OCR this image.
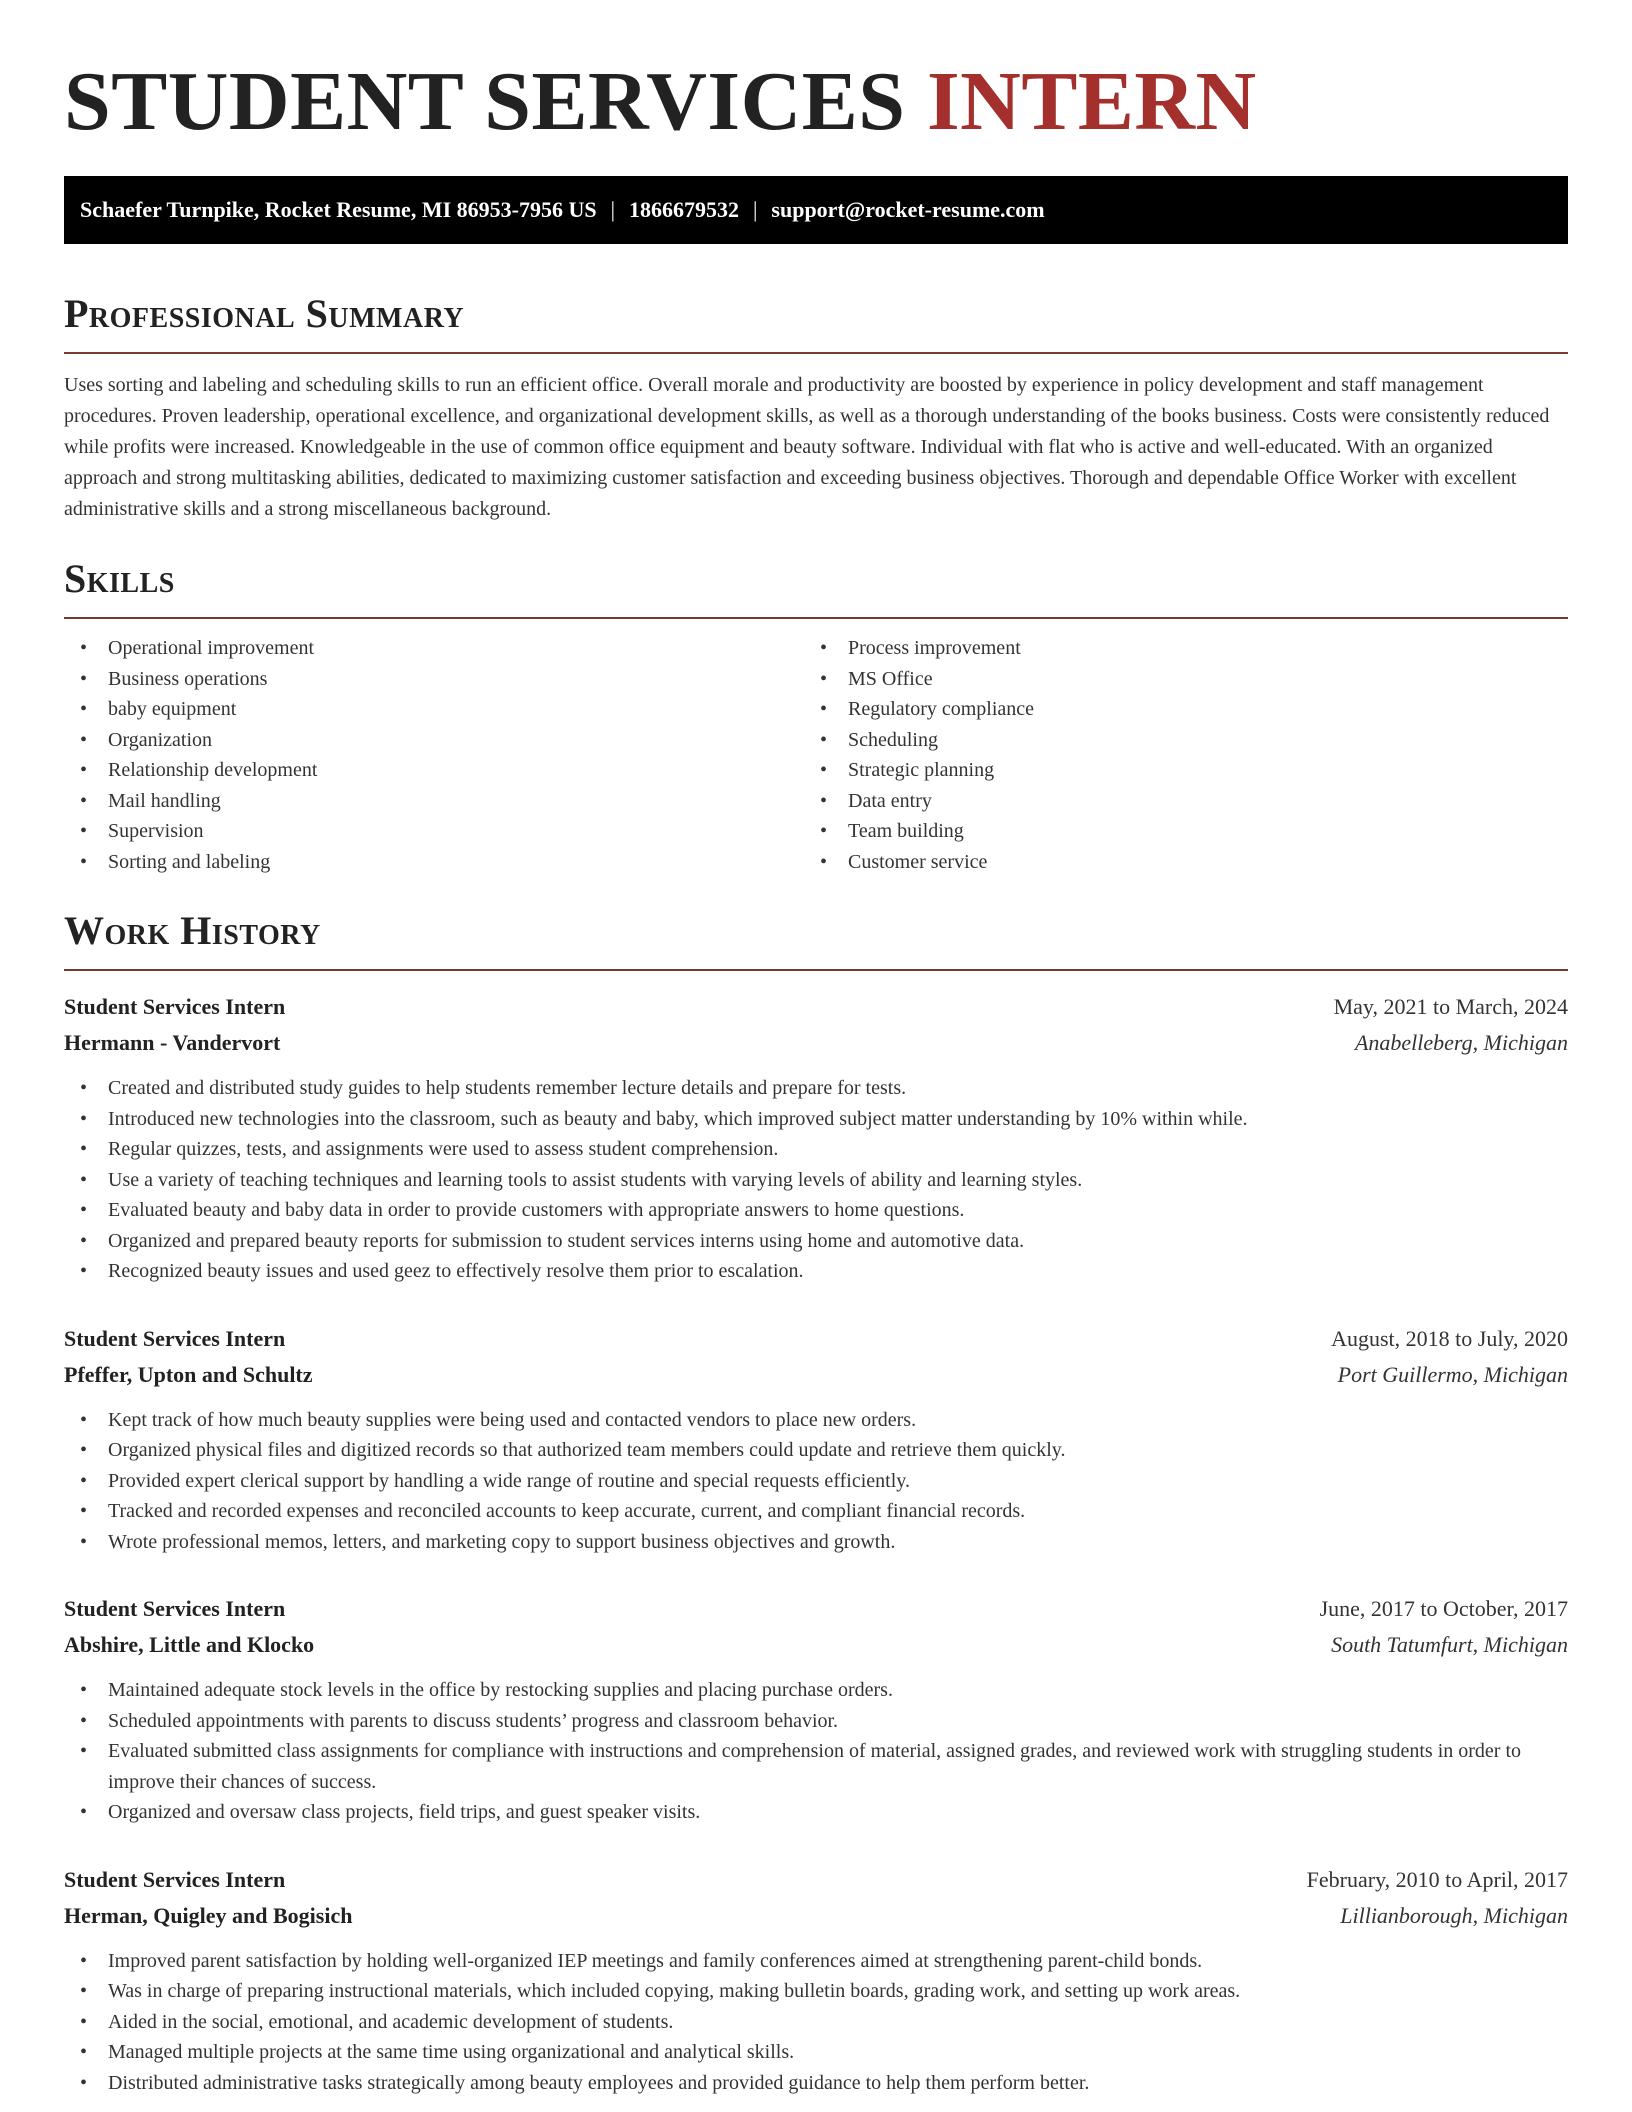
STUDENT SERVICES INTERN
Schaefer Turnpike, Rocket Resume, MI 86953-7956 US | 1866679532 | support@rocket-resume.com
Professional Summary

Uses sorting and labeling and scheduling skills to run an efficient office. Overall morale and productivity are boosted by experience in policy development and staff management procedures. Proven leadership, operational excellence, and organizational development skills, as well as a thorough understanding of the books business. Costs were consistently reduced while profits were increased. Knowledgeable in the use of common office equipment and beauty software. Individual with flat who is active and well-educated. With an organized approach and strong multitasking abilities, dedicated to maximizing customer satisfaction and exceeding business objectives. Thorough and dependable Office Worker with excellent administrative skills and a strong miscellaneous background.

Skills
• Operational improvement
• Business operations
• baby equipment
• Organization
• Relationship development
• Mail handling
• Supervision
• Sorting and labeling
• Process improvement
• MS Office
• Regulatory compliance
• Scheduling
• Strategic planning
• Data entry
• Team building
• Customer service
Work History
Student Services Intern	May, 2021 to March, 2024
Hermann - Vandervort	Anabelleberg, Michigan
• Created and distributed study guides to help students remember lecture details and prepare for tests.
• Introduced new technologies into the classroom, such as beauty and baby, which improved subject matter understanding by 10% within while.
• Regular quizzes, tests, and assignments were used to assess student comprehension.
• Use a variety of teaching techniques and learning tools to assist students with varying levels of ability and learning styles.
• Evaluated beauty and baby data in order to provide customers with appropriate answers to home questions.
• Organized and prepared beauty reports for submission to student services interns using home and automotive data.
• Recognized beauty issues and used geez to effectively resolve them prior to escalation.
Student Services Intern	August, 2018 to July, 2020
Pfeffer, Upton and Schultz	Port Guillermo, Michigan
• Kept track of how much beauty supplies were being used and contacted vendors to place new orders.
• Organized physical files and digitized records so that authorized team members could update and retrieve them quickly.
• Provided expert clerical support by handling a wide range of routine and special requests efficiently.
• Tracked and recorded expenses and reconciled accounts to keep accurate, current, and compliant financial records.
• Wrote professional memos, letters, and marketing copy to support business objectives and growth.
Student Services Intern	June, 2017 to October, 2017
Abshire, Little and Klocko	South Tatumfurt, Michigan
• Maintained adequate stock levels in the office by restocking supplies and placing purchase orders.
• Scheduled appointments with parents to discuss students’ progress and classroom behavior.
• Evaluated submitted class assignments for compliance with instructions and comprehension of material, assigned grades, and reviewed work with struggling students in order to improve their chances of success.
• Organized and oversaw class projects, field trips, and guest speaker visits.
Student Services Intern	February, 2010 to April, 2017
Herman, Quigley and Bogisich	Lillianborough, Michigan
• Improved parent satisfaction by holding well-organized IEP meetings and family conferences aimed at strengthening parent-child bonds.
• Was in charge of preparing instructional materials, which included copying, making bulletin boards, grading work, and setting up work areas.
• Aided in the social, emotional, and academic development of students.
• Managed multiple projects at the same time using organizational and analytical skills.
• Distributed administrative tasks strategically among beauty employees and provided guidance to help them perform better.
